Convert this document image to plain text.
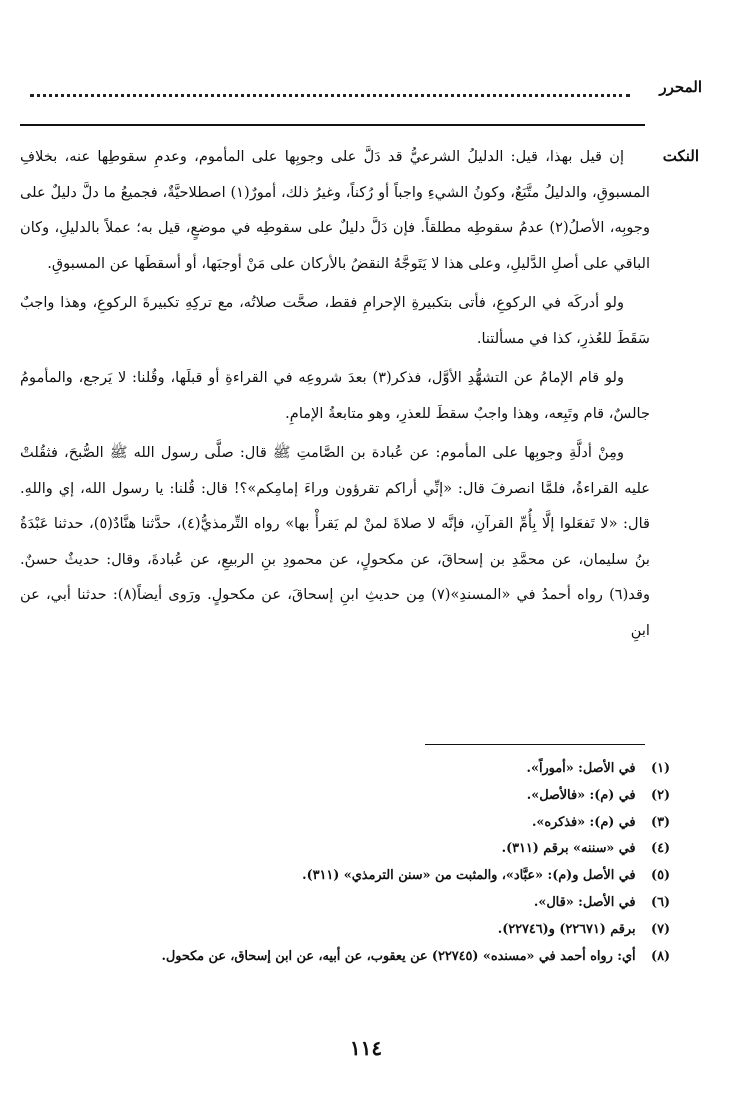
المحرر
النكت

إن قيل بهذا، قيل: الدليلُ الشرعيُّ قد دَلَّ على وجوبِها على المأموم، وعدمِ سقوطِها عنه، بخلافِ المسبوقِ، والدليلُ متَّبَعٌ، وكونُ الشيءِ واجباً أو رُكناً، وغيرُ ذلك، أمورٌ(١) اصطلاحيَّةٌ، فجميعُ ما دلَّ دليلٌ على وجوبِه، الأصلُ(٢) عدمُ سقوطِه مطلقاً. فإن دَلَّ دليلٌ على سقوطِه في موضعٍ، قيل به؛ عملاً بالدليلِ، وكان الباقي على أصلِ الدَّليلِ، وعلى هذا لا يَتَوجَّهُ النقضُ بالأركان على مَنْ أوجبَها، أو أسقطَها عن المسبوقِ.

ولو أدركَه في الركوعِ، فأتى بتكبيرةِ الإحرامِ فقط، صحَّت صلاتُه، مع تركِهِ تكبيرةَ الركوعِ، وهذا واجبٌ سَقَطَ للعُذرِ، كذا في مسألتنا.

ولو قام الإمامُ عن التشهُّدِ الأوَّل، فذكر(٣) بعدَ شروعِه في القراءةِ أو قبلَها، وقُلنا: لا يَرجع، والمأمومُ جالسٌ، قام وتَبِعه، وهذا واجبٌ سقطَ للعذرِ، وهو متابعةُ الإمامِ.

ومِنْ أدلَّةِ وجوبِها على المأموم: عن عُبادة بن الصَّامتِ ﷺ قال: صلَّى رسول الله ﷺ الصُّبحَ، فثقُلتْ عليه القراءةُ، فلمَّا انصرفَ قال: «إنِّي أراكم تقرؤون وراءَ إمامِكم»؟! قال: قُلنا: يا رسول الله، إي واللهِ. قال: «لا تَفعَلوا إلَّا بِأُمِّ القرآنِ، فإنَّه لا صلاةَ لمنْ لم يَقرأْ بها» رواه التِّرمذيُّ(٤)، حدَّثنا هنَّادٌ(٥)، حدثنا عَبْدَةُ بنُ سليمان، عن محمَّدِ بن إسحاقَ، عن مكحولٍ، عن محمودِ بنِ الربيعِ، عن عُبادةَ، وقال: حديثٌ حسنٌ. وقد(٦) رواه أحمدُ في «المسندِ»(٧) مِن حديثِ ابنِ إسحاقَ، عن مكحولٍ. ورَوى أيضاً(٨): حدثنا أبي، عن ابنِ

(١) في الأصل: «أموراً».
(٢) في (م): «فالأصل».
(٣) في (م): «فذكره».
(٤) في «سننه» برقم (٣١١).
(٥) في الأصل و(م): «عبَّاد»، والمثبت من «سنن الترمذي» (٣١١).
(٦) في الأصل: «قال».
(٧) برقم (٢٢٦٧١) و(٢٢٧٤٦).
(٨) أي: رواه أحمد في «مسنده» (٢٢٧٤٥) عن يعقوب، عن أبيه، عن ابن إسحاق، عن مكحول.
١١٤
